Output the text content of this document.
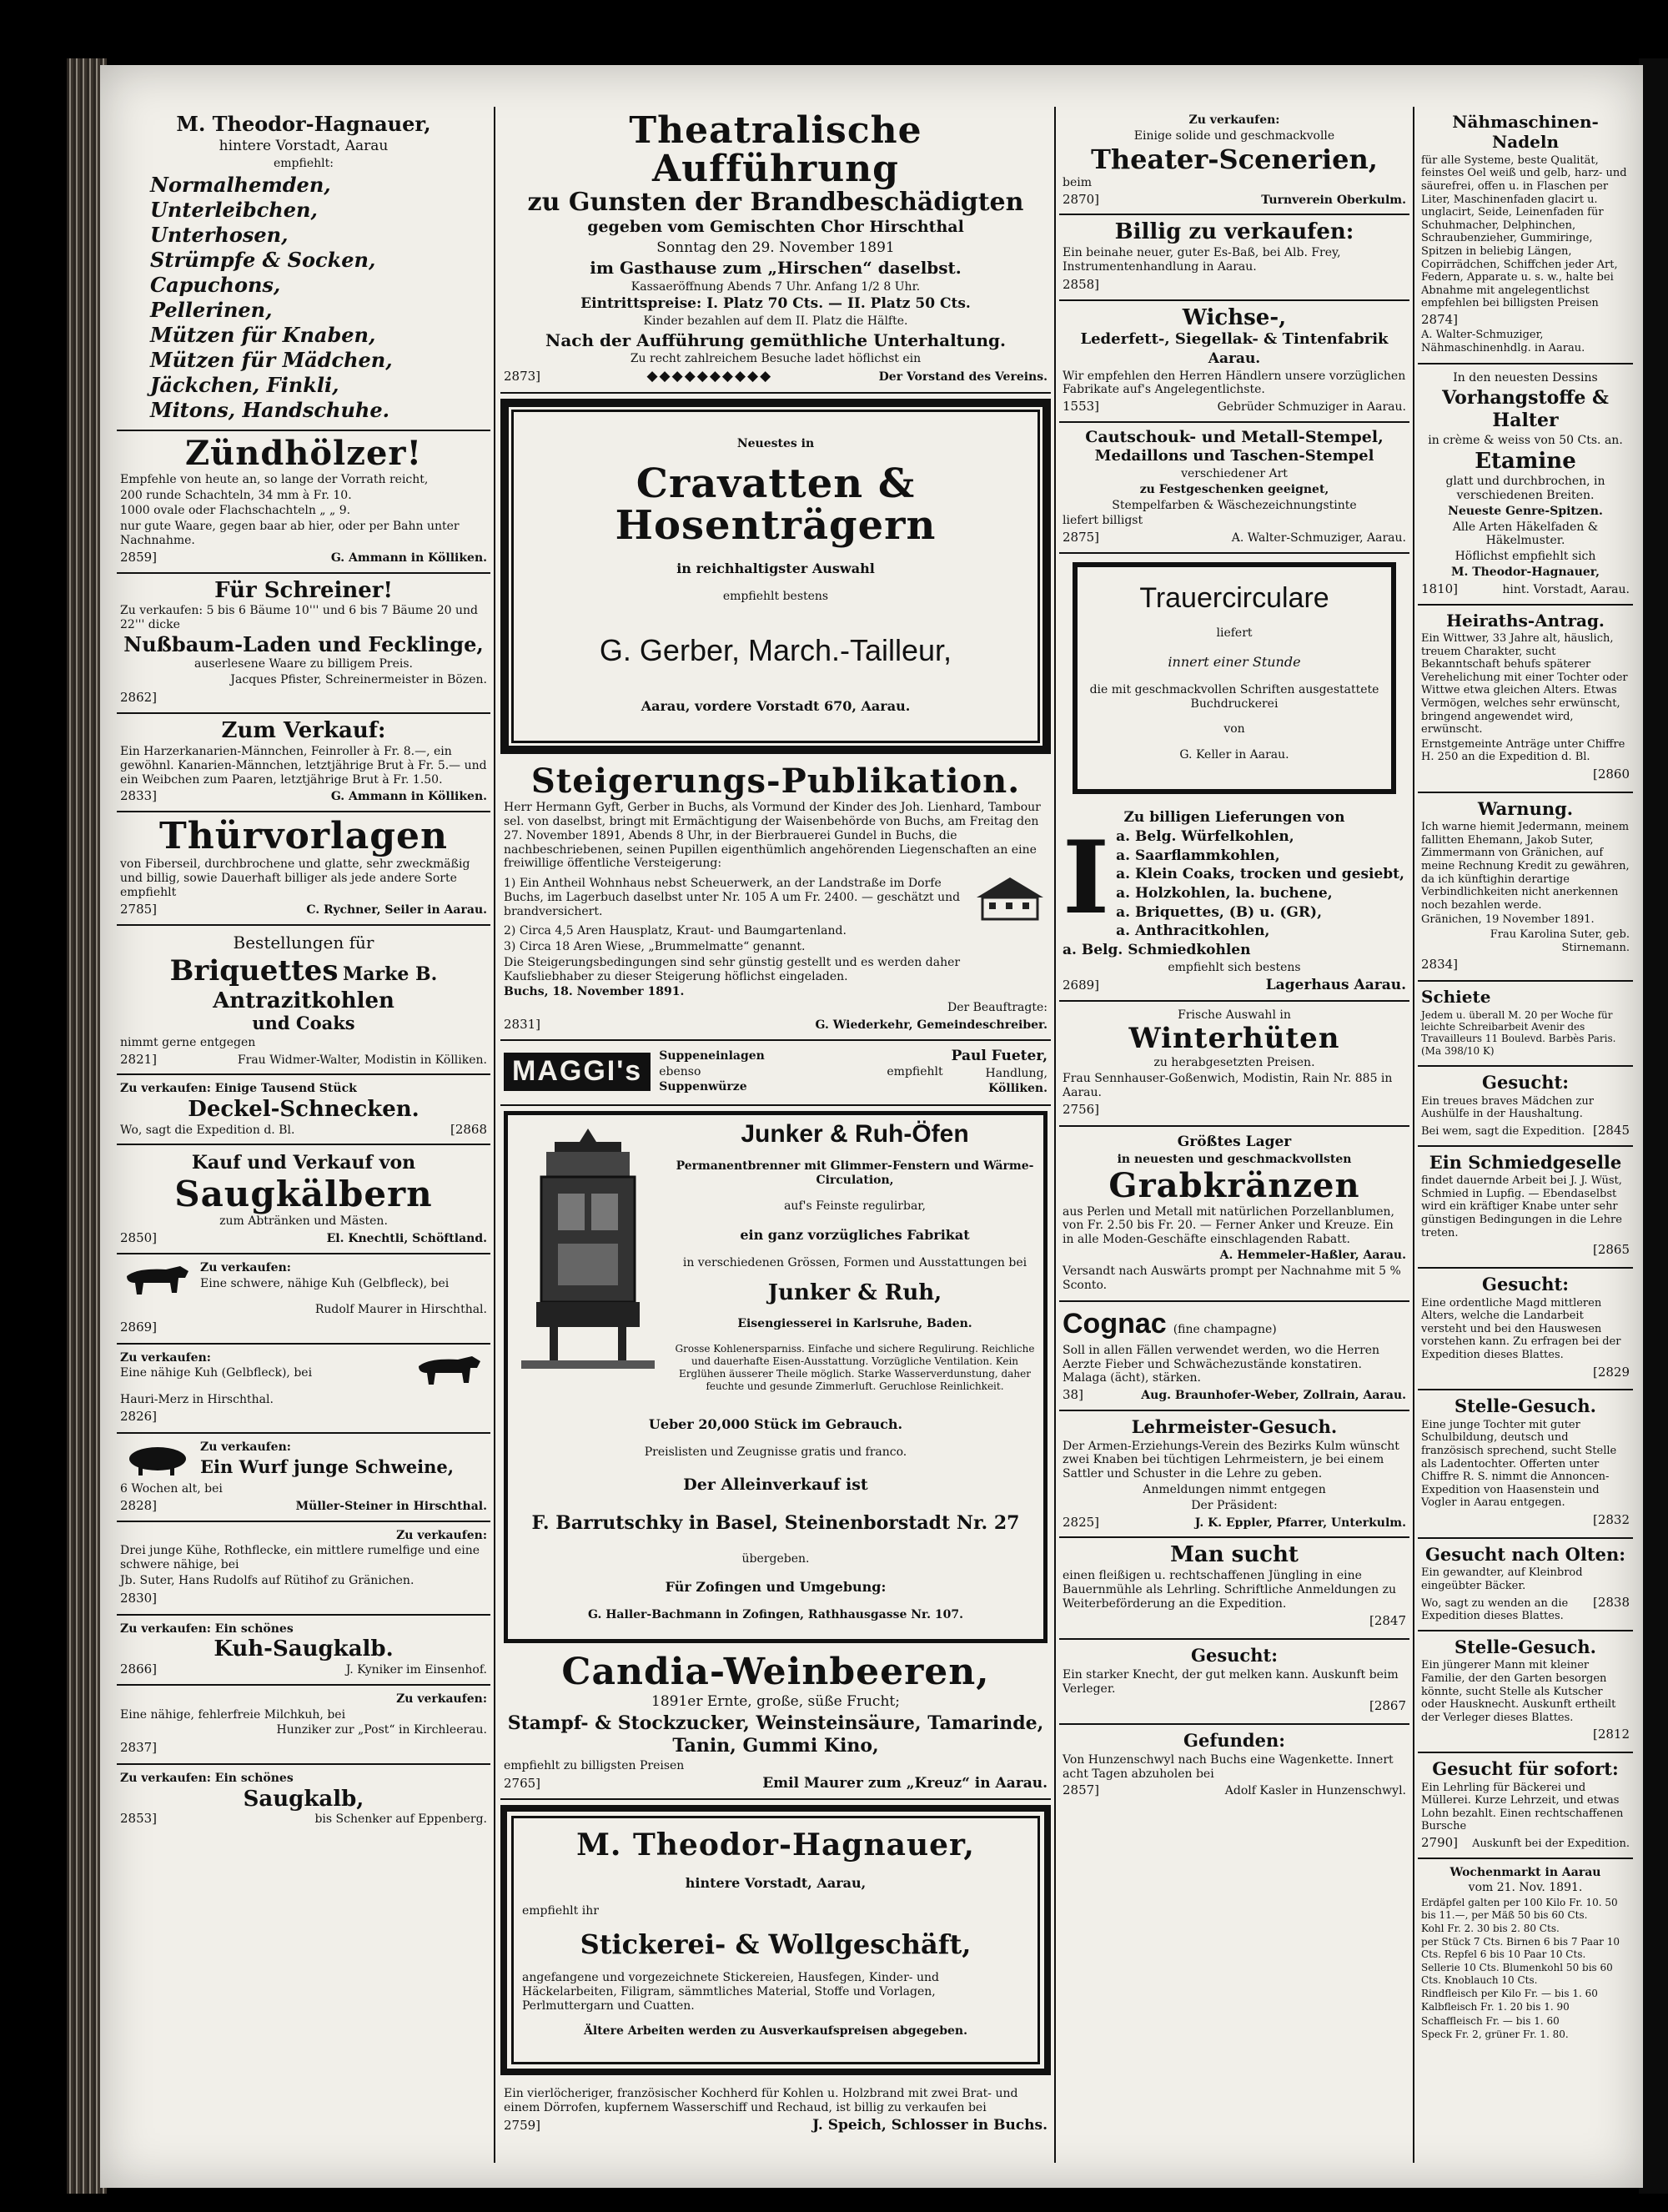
M. Theodor-Hagnauer,

hintere Vorstadt, Aarau

empfiehlt:

Normalhemden,

Unterleibchen,

Unterhosen,

Strümpfe & Socken,

Capuchons,

Pellerinen,

Mützen für Knaben,

Mützen für Mädchen,

Jäckchen, Finkli,

Mitons, Handschuhe.

Zündhölzer!

Empfehle von heute an, so lange der Vorrath reicht,

200 runde Schachteln, 34 mm à Fr. 10.

1000 ovale oder Flachschachteln „ „ 9.

nur gute Waare, gegen baar ab hier, oder per Bahn unter Nachnahme.

2859]	G. Ammann in Kölliken.
Für Schreiner!

Zu verkaufen: 5 bis 6 Bäume 10''' und 6 bis 7 Bäume 20 und 22''' dicke

Nußbaum-Laden und Fecklinge,

auserlesene Waare zu billigem Preis.

Jacques Pfister, Schreinermeister in Bözen.

2862]
Zum Verkauf:

Ein Harzerkanarien-Männchen, Feinroller à Fr. 8.—, ein gewöhnl. Kanarien-Männchen, letztjährige Brut à Fr. 5.— und ein Weibchen zum Paaren, letztjährige Brut à Fr. 1.50.

2833]	G. Ammann in Kölliken.
Thürvorlagen

von Fiberseil, durchbrochene und glatte, sehr zweckmäßig und billig, sowie Dauerhaft billiger als jede andere Sorte empfiehlt

2785]	C. Rychner, Seiler in Aarau.

Bestellungen für

Briquettes Marke B.
Antrazitkohlen
und Coaks

nimmt gerne entgegen

2821]	Frau Widmer-Walter, Modistin in Kölliken.

Zu verkaufen: Einige Tausend Stück

Deckel-Schnecken.
Wo, sagt die Expedition d. Bl.	[2868

Kauf und Verkauf von

Saugkälbern

zum Abtränken und Mästen.

2850]	El. Knechtli, Schöftland.

Zu verkaufen:

Eine schwere, nähige Kuh (Gelbfleck), bei

Rudolf Maurer in Hirschthal.

2869]

Zu verkaufen:

Eine nähige Kuh (Gelbfleck), bei

Hauri-Merz in Hirschthal.

2826]

Zu verkaufen:

Ein Wurf junge Schweine,

6 Wochen alt, bei

2828]	Müller-Steiner in Hirschthal.

Zu verkaufen:

Drei junge Kühe, Rothflecke, ein mittlere rumelfige und eine schwere nähige, bei

Jb. Suter, Hans Rudolfs auf Rütihof zu Gränichen.

2830]

Zu verkaufen: Ein schönes

Kuh-Saugkalb.
2866]	J. Kyniker im Einsenhof.

Zu verkaufen:

Eine nähige, fehlerfreie Milchkuh, bei

Hunziker zur „Post“ in Kirchleerau.

2837]

Zu verkaufen: Ein schönes

Saugkalb,
2853]	bis Schenker auf Eppenberg.
Theatralische Aufführung
zu Gunsten der Brandbeschädigten

gegeben vom Gemischten Chor Hirschthal

Sonntag den 29. November 1891

im Gasthause zum „Hirschen“ daselbst.

Kassaeröffnung Abends 7 Uhr. Anfang 1/2 8 Uhr.

Eintrittspreise: I. Platz 70 Cts. — II. Platz 50 Cts.

Kinder bezahlen auf dem II. Platz die Hälfte.

Nach der Aufführung gemüthliche Unterhaltung.

Zu recht zahlreichem Besuche ladet höflichst ein

2873]	◆◆◆◆◆◆◆◆◆◆	Der Vorstand des Vereins.

Neuestes in

Cravatten & Hosenträgern

in reichhaltigster Auswahl

empfiehlt bestens

G. Gerber, March.-Tailleur,

Aarau, vordere Vorstadt 670, Aarau.

Steigerungs-Publikation.

Herr Hermann Gyft, Gerber in Buchs, als Vormund der Kinder des Joh. Lienhard, Tambour sel. von daselbst, bringt mit Ermächtigung der Waisenbehörde von Buchs, am Freitag den 27. November 1891, Abends 8 Uhr, in der Bierbrauerei Gundel in Buchs, die nachbeschriebenen, seinen Pupillen eigenthümlich angehörenden Liegenschaften an eine freiwillige öffentliche Versteigerung:

1) Ein Antheil Wohnhaus nebst Scheuerwerk, an der Landstraße im Dorfe Buchs, im Lagerbuch daselbst unter Nr. 105 A um Fr. 2400. — geschätzt und brandversichert.

2) Circa 4,5 Aren Hausplatz, Kraut- und Baumgartenland.

3) Circa 18 Aren Wiese, „Brummelmatte“ genannt.

Die Steigerungsbedingungen sind sehr günstig gestellt und es werden daher Kaufsliebhaber zu dieser Steigerung höflichst eingeladen.

Buchs, 18. November 1891.

Der Beauftragte:

2831]	G. Wiederkehr, Gemeindeschreiber.
MAGGI's	Suppeneinlagen

ebenso

Suppenwürze

empfiehlt

Paul Fueter,

Handlung,

Kölliken.

Junker & Ruh-Öfen

Permanentbrenner mit Glimmer-Fenstern und Wärme-Circulation,

auf's Feinste regulirbar,

ein ganz vorzügliches Fabrikat

in verschiedenen Grössen, Formen und Ausstattungen bei

Junker & Ruh,

Eisengiesserei in Karlsruhe, Baden.

Grosse Kohlenersparniss. Einfache und sichere Regulirung. Reichliche und dauerhafte Eisen-Ausstattung. Vorzügliche Ventilation. Kein Erglühen äusserer Theile möglich. Starke Wasserverdunstung, daher feuchte und gesunde Zimmerluft. Geruchlose Reinlichkeit.

Ueber 20,000 Stück im Gebrauch.

Preislisten und Zeugnisse gratis und franco.

Der Alleinverkauf ist

F. Barrutschky in Basel, Steinenborstadt Nr. 27

übergeben.

Für Zofingen und Umgebung:

G. Haller-Bachmann in Zofingen, Rathhausgasse Nr. 107.

Candia-Weinbeeren,

1891er Ernte, große, süße Frucht;

Stampf- & Stockzucker, Weinsteinsäure, Tamarinde, Tanin, Gummi Kino,

empfiehlt zu billigsten Preisen

2765]	Emil Maurer zum „Kreuz“ in Aarau.
M. Theodor-Hagnauer,

hintere Vorstadt, Aarau,

empfiehlt ihr

Stickerei- & Wollgeschäft,

angefangene und vorgezeichnete Stickereien, Hausfegen, Kinder- und Häckelarbeiten, Filigram, sämmtliches Material, Stoffe und Vorlagen, Perlmuttergarn und Cuatten.

Ältere Arbeiten werden zu Ausverkaufspreisen abgegeben.

Ein vierlöcheriger, französischer Kochherd für Kohlen u. Holzbrand mit zwei Brat- und einem Dörrofen, kupfernem Wasserschiff und Rechaud, ist billig zu verkaufen bei

2759]	J. Speich, Schlosser in Buchs.

Zu verkaufen:

Einige solide und geschmackvolle

Theater-Scenerien,

beim

2870]	Turnverein Oberkulm.
Billig zu verkaufen:

Ein beinahe neuer, guter Es-Baß, bei Alb. Frey, Instrumentenhandlung in Aarau.

2858]
Wichse-,
Lederfett-, Siegellak- & Tintenfabrik

Aarau.

Wir empfehlen den Herren Händlern unsere vorzüglichen Fabrikate auf's Angelegentlichste.

1553]	Gebrüder Schmuziger in Aarau.
Cautschouk- und Metall-Stempel,
Medaillons und Taschen-Stempel

verschiedener Art

zu Festgeschenken geeignet,

Stempelfarben & Wäschezeichnungstinte

liefert billigst

2875]	A. Walter-Schmuziger, Aarau.
Trauercirculare

liefert

innert einer Stunde

die mit geschmackvollen Schriften ausgestattete Buchdruckerei

von

G. Keller in Aarau.

Zu billigen Lieferungen von

I a. Belg. Würfelkohlen,

a. Saarflammkohlen,

a. Klein Coaks, trocken und gesiebt,

a. Holzkohlen, la. buchene,

a. Briquettes, (B) u. (GR),

a. Anthracitkohlen,

a. Belg. Schmiedkohlen

empfiehlt sich bestens

2689]	Lagerhaus Aarau.

Frische Auswahl in

Winterhüten

zu herabgesetzten Preisen.

Frau Sennhauser-Goßenwich, Modistin, Rain Nr. 885 in Aarau.

2756]

Größtes Lager

in neuesten und geschmackvollsten

Grabkränzen

aus Perlen und Metall mit natürlichen Porzellanblumen, von Fr. 2.50 bis Fr. 20. — Ferner Anker und Kreuze. Ein in alle Moden-Geschäfte einschlagenden Rabatt.

A. Hemmeler-Haßler, Aarau.

Versandt nach Auswärts prompt per Nachnahme mit 5 % Sconto.

Cognac (fine champagne)

Soll in allen Fällen verwendet werden, wo die Herren Aerzte Fieber und Schwächezustände konstatiren. Malaga (ächt), stärken.

38]	Aug. Braunhofer-Weber, Zollrain, Aarau.
Lehrmeister-Gesuch.

Der Armen-Erziehungs-Verein des Bezirks Kulm wünscht zwei Knaben bei tüchtigen Lehrmeistern, je bei einem Sattler und Schuster in die Lehre zu geben.

Anmeldungen nimmt entgegen

Der Präsident:

2825]	J. K. Eppler, Pfarrer, Unterkulm.
Man sucht

einen fleißigen u. rechtschaffenen Jüngling in eine Bauernmühle als Lehrling. Schriftliche Anmeldungen zu Weiterbeförderung an die Expedition.

[2847

Gesucht:

Ein starker Knecht, der gut melken kann. Auskunft beim Verleger.

[2867

Gefunden:

Von Hunzenschwyl nach Buchs eine Wagenkette. Innert acht Tagen abzuholen bei

2857]	Adolf Kasler in Hunzenschwyl.
Nähmaschinen-Nadeln

für alle Systeme, beste Qualität, feinstes Oel weiß und gelb, harz- und säurefrei, offen u. in Flaschen per Liter, Maschinenfaden glacirt u. unglacirt, Seide, Leinenfaden für Schuhmacher, Delphinchen, Schraubenzieher, Gummiringe, Spitzen in beliebig Längen, Copirrädchen, Schiffchen jeder Art, Federn, Apparate u. s. w., halte bei Abnahme mit angelegentlichst empfehlen bei billigsten Preisen

2874]

A. Walter-Schmuziger, Nähmaschinenhdlg. in Aarau.

In den neuesten Dessins

Vorhangstoffe & Halter

in crème & weiss von 50 Cts. an.

Etamine

glatt und durchbrochen, in verschiedenen Breiten.

Neueste Genre-Spitzen.

Alle Arten Häkelfaden & Häkelmuster.

Höflichst empfiehlt sich

M. Theodor-Hagnauer,

1810]	hint. Vorstadt, Aarau.
Heiraths-Antrag.

Ein Wittwer, 33 Jahre alt, häuslich, treuem Charakter, sucht Bekanntschaft behufs späterer Verehelichung mit einer Tochter oder Wittwe etwa gleichen Alters. Etwas Vermögen, welches sehr erwünscht, bringend angewendet wird, erwünscht.

Ernstgemeinte Anträge unter Chiffre H. 250 an die Expedition d. Bl.

[2860

Warnung.

Ich warne hiemit Jedermann, meinem fallitten Ehemann, Jakob Suter, Zimmermann von Gränichen, auf meine Rechnung Kredit zu gewähren, da ich künftighin derartige Verbindlichkeiten nicht anerkennen noch bezahlen werde.

Gränichen, 19 November 1891.

Frau Karolina Suter, geb. Stirnemann.

2834]
Schiete

Jedem u. überall M. 20 per Woche für leichte Schreibarbeit Avenir des Travailleurs 11 Boulevd. Barbès Paris. (Ma 398/10 K)

Gesucht:

Ein treues braves Mädchen zur Aushülfe in der Haushaltung.

Bei wem, sagt die Expedition. [2845
Ein Schmiedgeselle

findet dauernde Arbeit bei J. J. Wüst, Schmied in Lupfig. — Ebendaselbst wird ein kräftiger Knabe unter sehr günstigen Bedingungen in die Lehre treten.

[2865

Gesucht:

Eine ordentliche Magd mittleren Alters, welche die Landarbeit versteht und bei den Hauswesen vorstehen kann. Zu erfragen bei der Expedition dieses Blattes.

[2829

Stelle-Gesuch.

Eine junge Tochter mit guter Schulbildung, deutsch und französisch sprechend, sucht Stelle als Ladentochter. Offerten unter Chiffre R. S. nimmt die Annoncen-Expedition von Haasenstein und Vogler in Aarau entgegen.

[2832

Gesucht nach Olten:

Ein gewandter, auf Kleinbrod eingeübter Bäcker.

Wo, sagt zu wenden an die Expedition dieses Blattes.
[2838
Stelle-Gesuch.

Ein jüngerer Mann mit kleiner Familie, der den Garten besorgen könnte, sucht Stelle als Kutscher oder Hausknecht. Auskunft ertheilt der Verleger dieses Blattes.

[2812

Gesucht für sofort:

Ein Lehrling für Bäckerei und Müllerei. Kurze Lehrzeit, und etwas Lohn bezahlt. Einen rechtschaffenen Bursche

2790] Auskunft bei der Expedition.

Wochenmarkt in Aarau

vom 21. Nov. 1891.

Erdäpfel galten per 100 Kilo Fr. 10. 50 bis 11.—, per Mäß 50 bis 60 Cts.

Kohl Fr. 2. 30 bis 2. 80 Cts.

per Stück 7 Cts. Birnen 6 bis 7 Paar 10 Cts. Repfel 6 bis 10 Paar 10 Cts.

Sellerie 10 Cts. Blumenkohl 50 bis 60 Cts. Knoblauch 10 Cts.

Rindfleisch per Kilo Fr. — bis 1. 60

Kalbfleisch Fr. 1. 20 bis 1. 90

Schaffleisch Fr. — bis 1. 60

Speck Fr. 2, grüner Fr. 1. 80.
